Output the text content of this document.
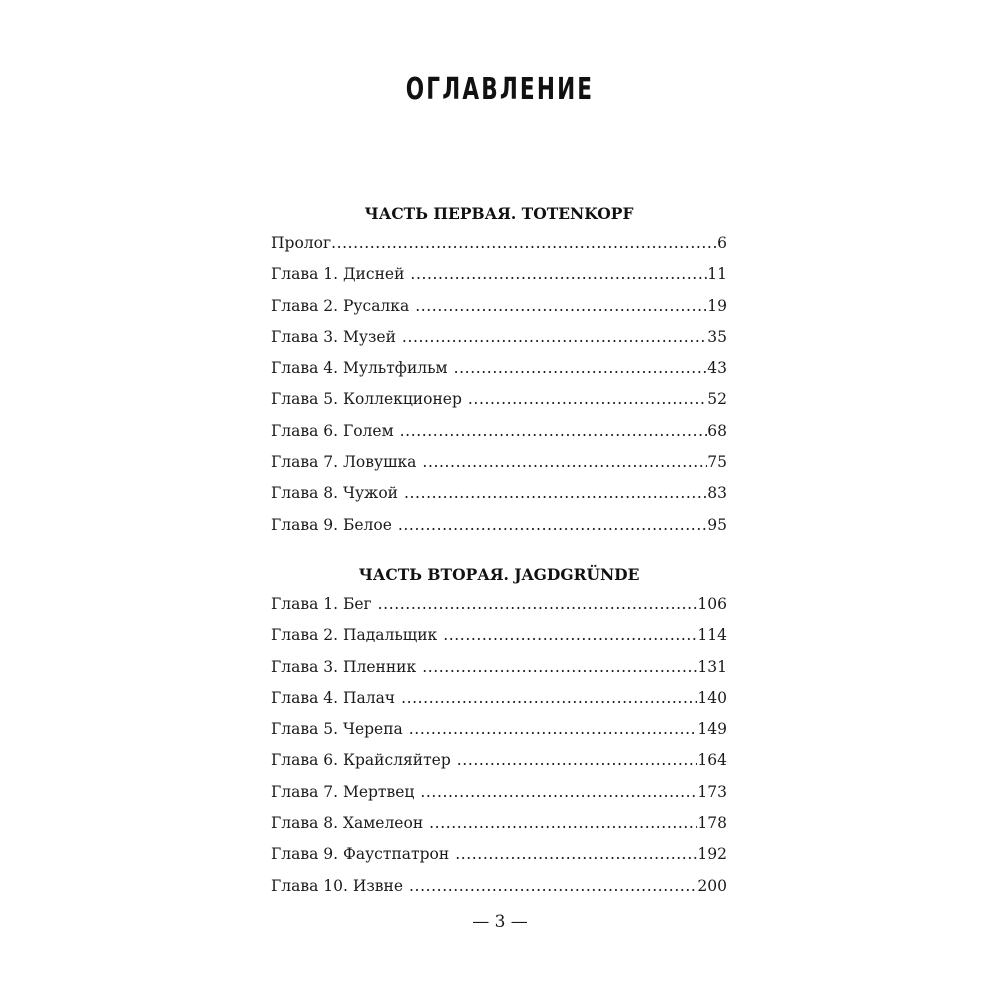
ОГЛАВЛЕНИЕ
ЧАСТЬ ПЕРВАЯ. TOTENKOPF
Пролог .....	6
Глава 1. Дисней .....	11
Глава 2. Русалка .....	19
Глава 3. Музей .....	35
Глава 4. Мультфильм .....	43
Глава 5. Коллекционер .....	52
Глава 6. Голем .....	68
Глава 7. Ловушка .....	75
Глава 8. Чужой .....	83
Глава 9. Белое .....	95
ЧАСТЬ ВТОРАЯ. JAGDGRÜNDE
Глава 1. Бег .....	106
Глава 2. Падальщик .....	114
Глава 3. Пленник .....	131
Глава 4. Палач .....	140
Глава 5. Черепа .....	149
Глава 6. Крайсляйтер .....	164
Глава 7. Мертвец .....	173
Глава 8. Хамелеон .....	178
Глава 9. Фаустпатрон .....	192
Глава 10. Извне .....	200
— 3 —
